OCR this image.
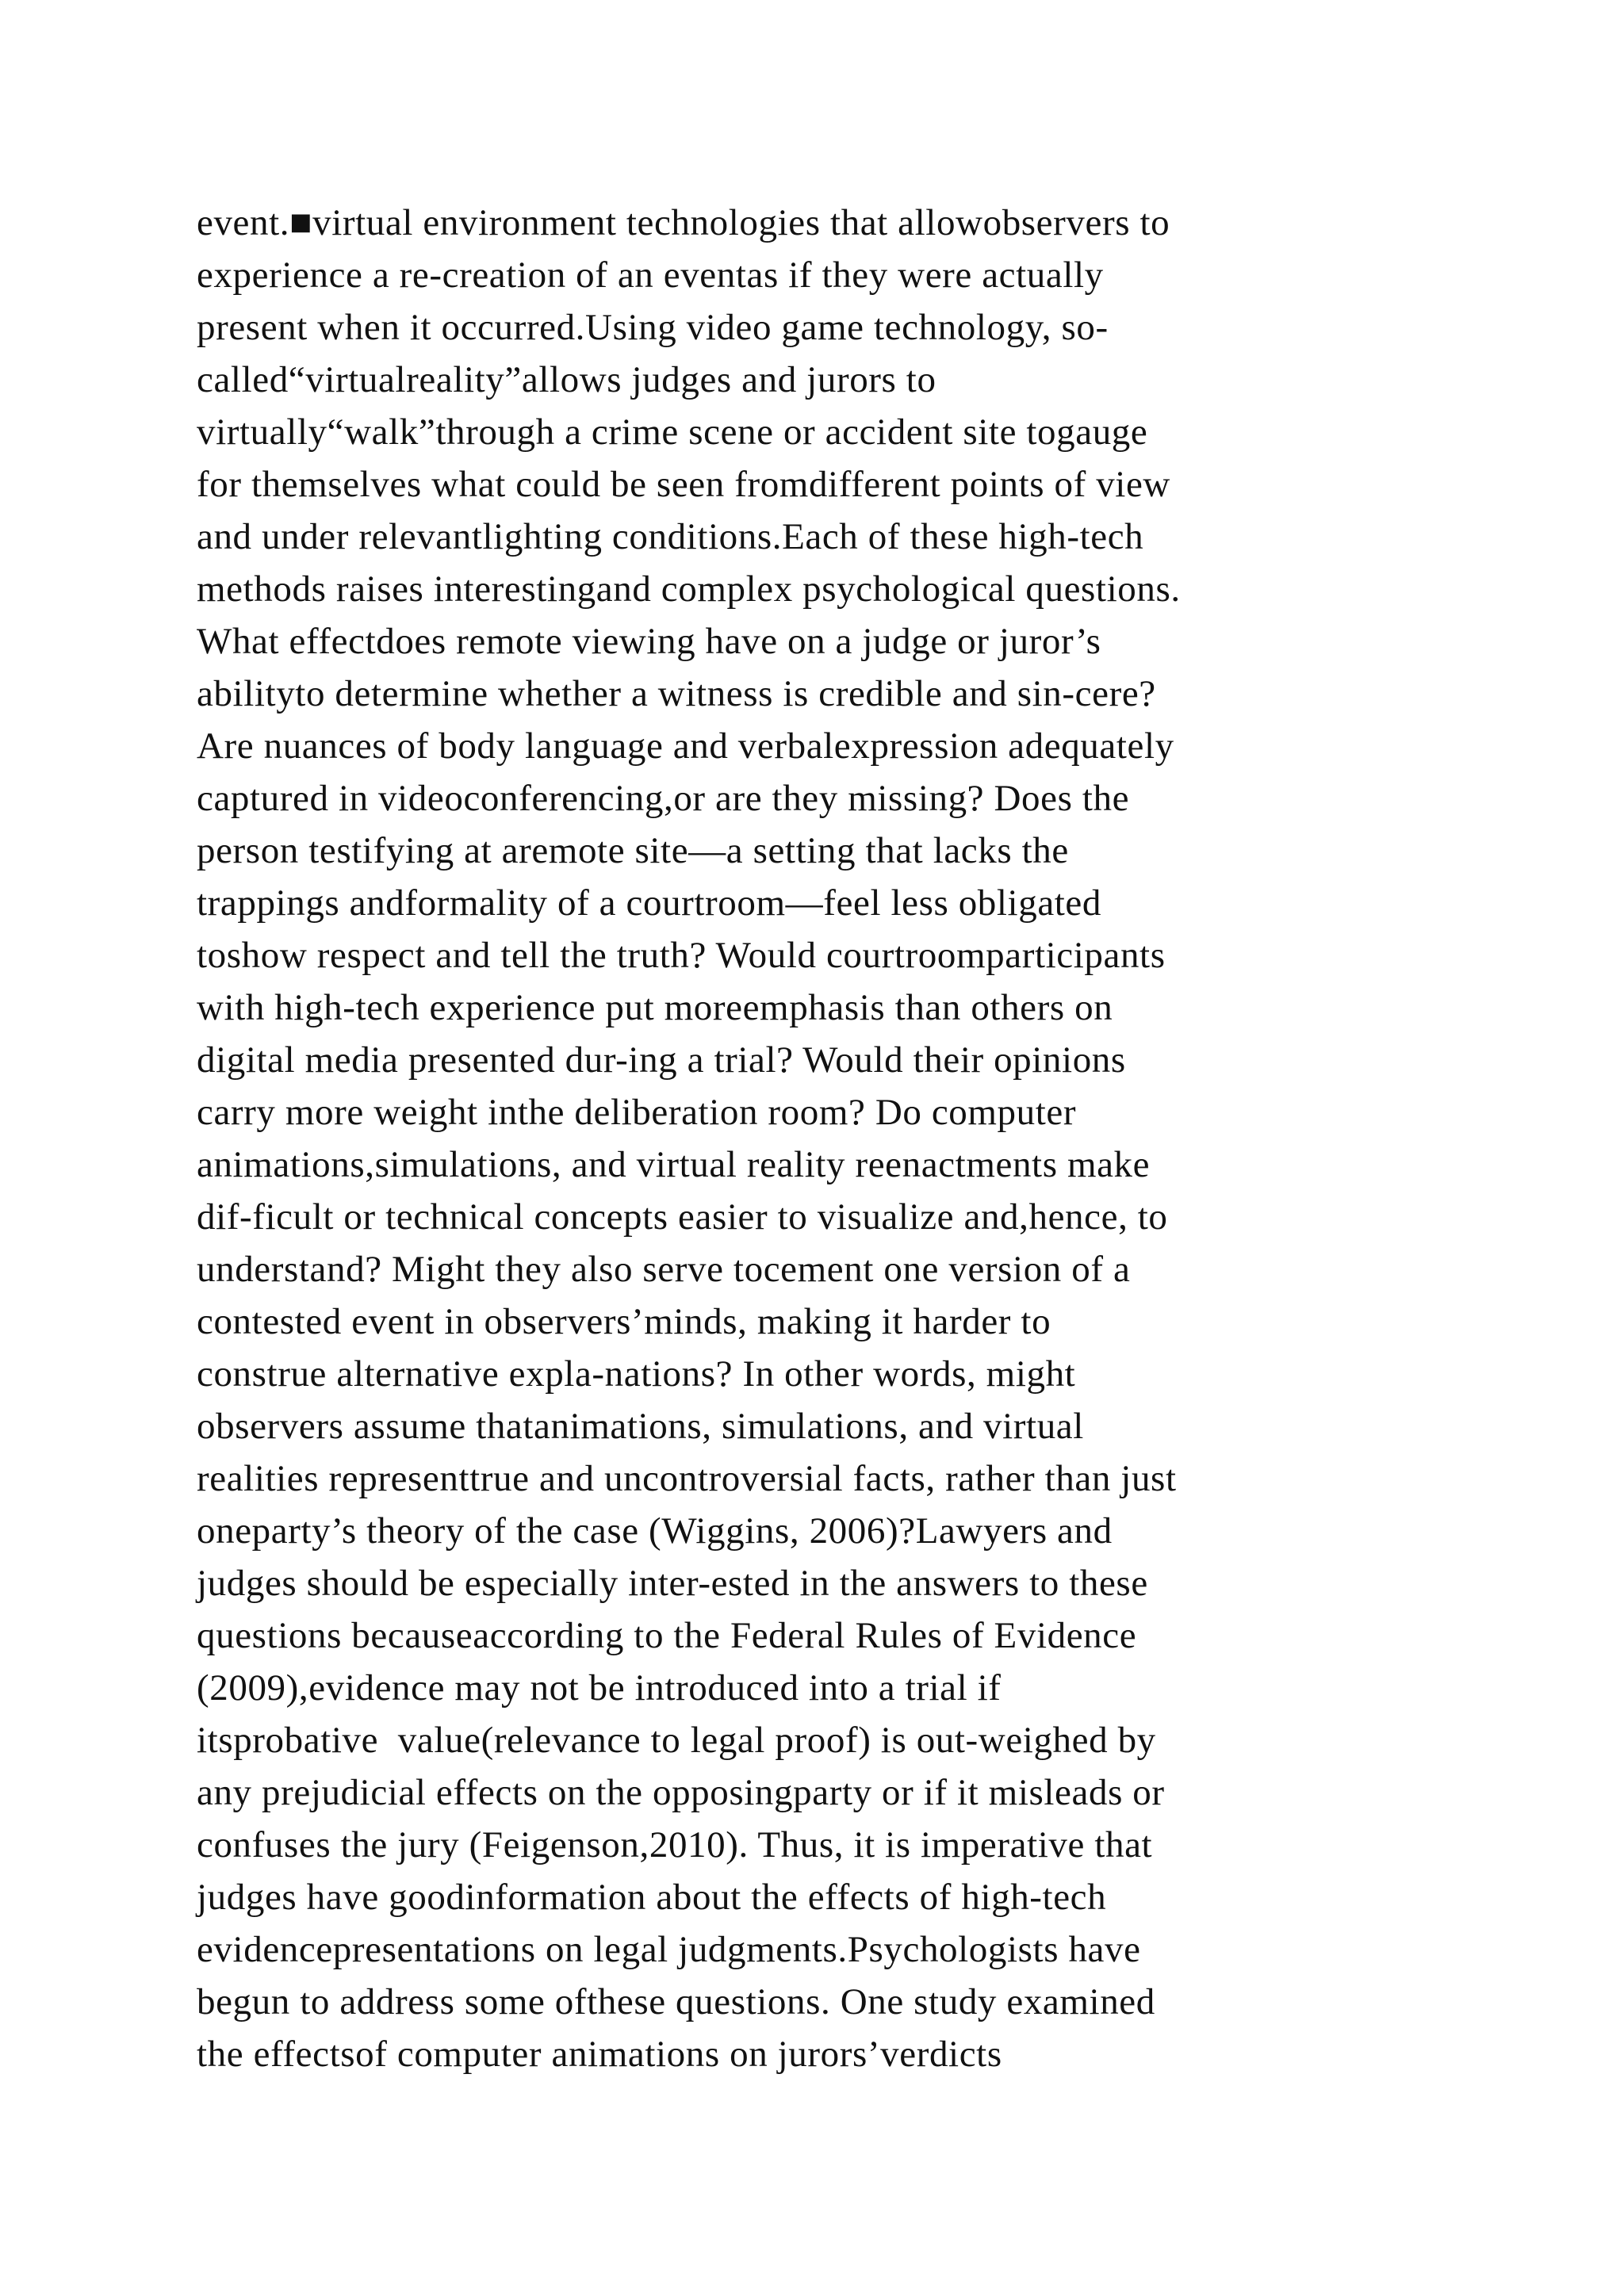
event.■virtual environment technologies that allowobservers to
experience a re-creation of an eventas if they were actually
present when it occurred.Using video game technology, so-
called“virtualreality”allows judges and jurors to
virtually“walk”through a crime scene or accident site togauge
for themselves what could be seen fromdifferent points of view
and under relevantlighting conditions.Each of these high-tech
methods raises interestingand complex psychological questions.
What effectdoes remote viewing have on a judge or juror’s
abilityto determine whether a witness is credible and sin-cere?
Are nuances of body language and verbalexpression adequately
captured in videoconferencing,or are they missing? Does the
person testifying at aremote site—a setting that lacks the
trappings andformality of a courtroom—feel less obligated
toshow respect and tell the truth? Would courtroomparticipants
with high-tech experience put moreemphasis than others on
digital media presented dur-ing a trial? Would their opinions
carry more weight inthe deliberation room? Do computer
animations,simulations, and virtual reality reenactments make
dif-ficult or technical concepts easier to visualize and,hence, to
understand? Might they also serve tocement one version of a
contested event in observers’minds, making it harder to
construe alternative expla-nations? In other words, might
observers assume thatanimations, simulations, and virtual
realities representtrue and uncontroversial facts, rather than just
oneparty’s theory of the case (Wiggins, 2006)?Lawyers and
judges should be especially inter-ested in the answers to these
questions becauseaccording to the Federal Rules of Evidence
(2009),evidence may not be introduced into a trial if
itsprobative  value(relevance to legal proof) is out-weighed by
any prejudicial effects on the opposingparty or if it misleads or
confuses the jury (Feigenson,2010). Thus, it is imperative that
judges have goodinformation about the effects of high-tech
evidencepresentations on legal judgments.Psychologists have
begun to address some ofthese questions. One study examined
the effectsof computer animations on jurors’verdicts
